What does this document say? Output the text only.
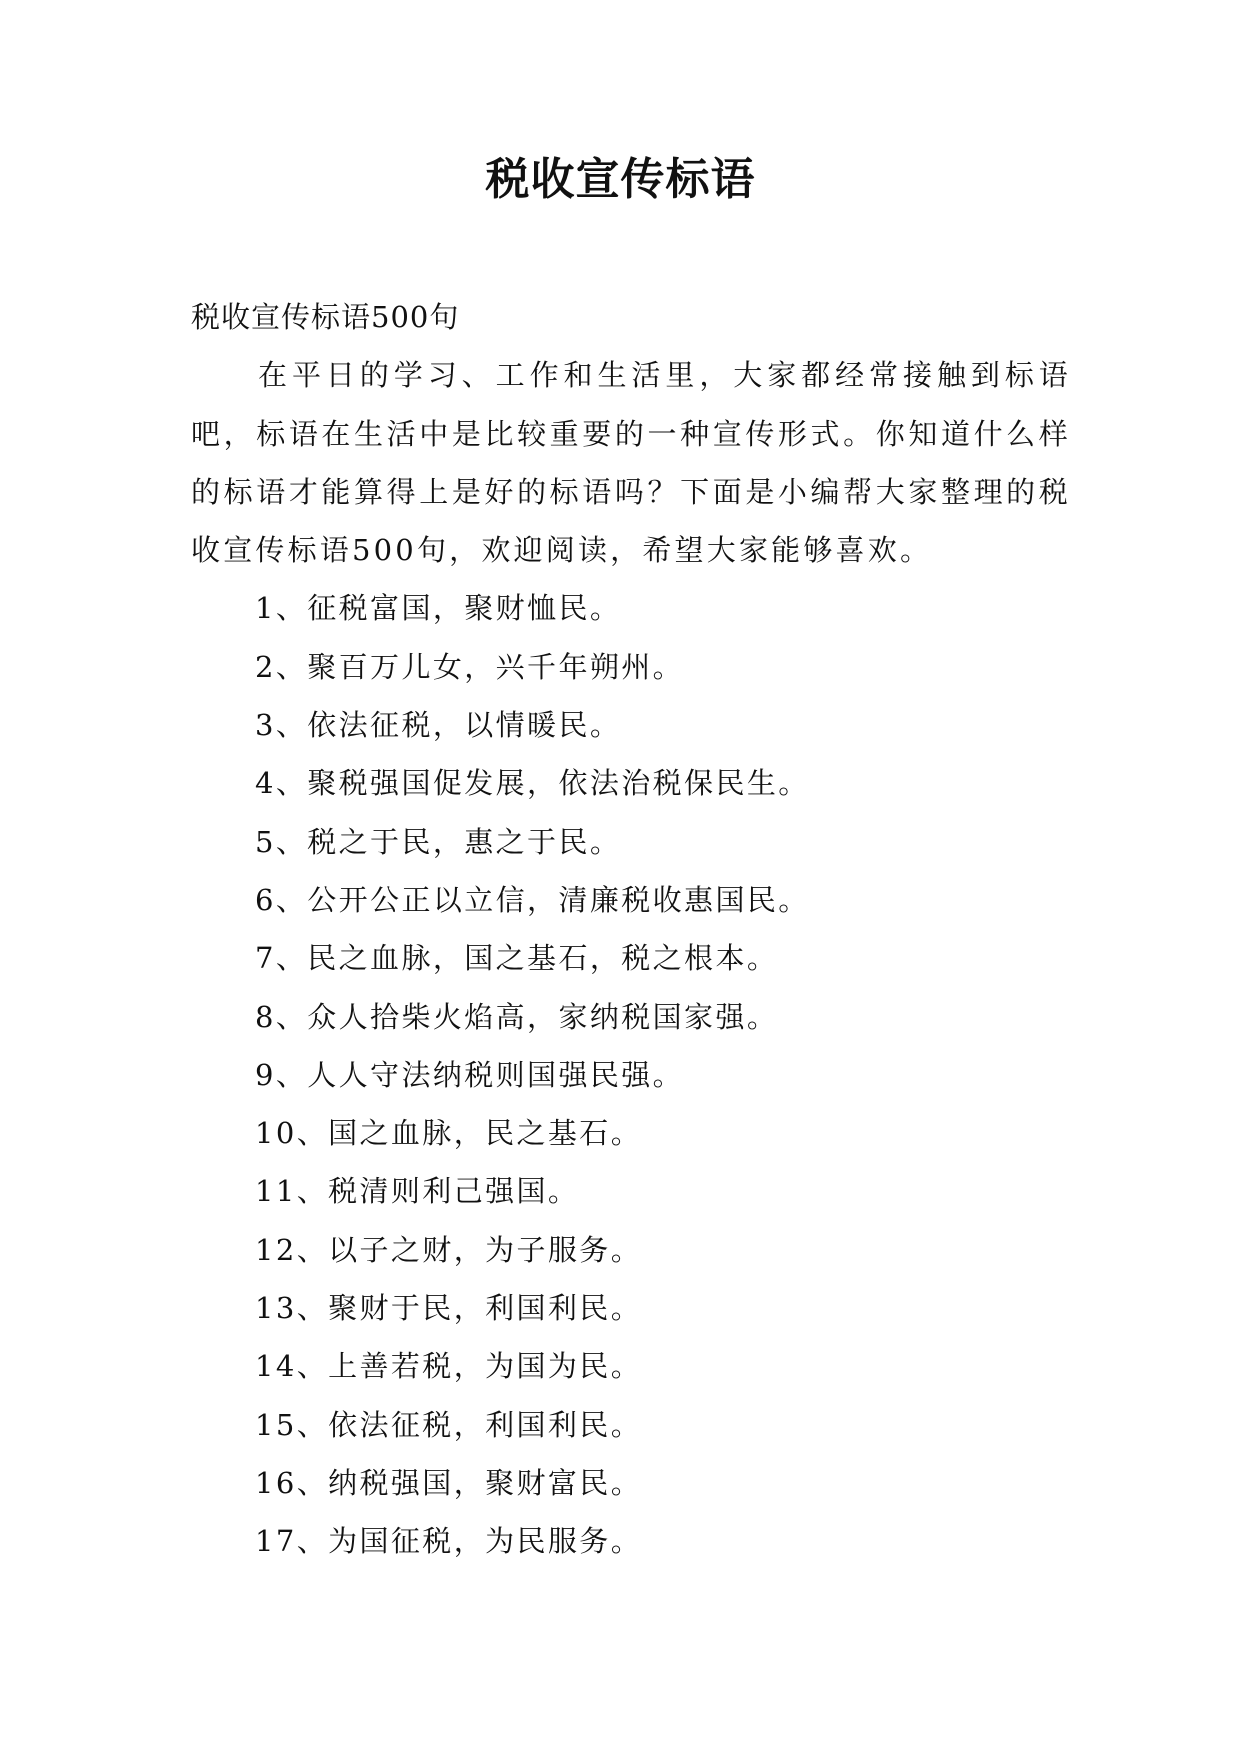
税收宣传标语

税收宣传标语500句

在平日的学习、工作和生活里，大家都经常接触到标语吧，标语在生活中是比较重要的一种宣传形式。你知道什么样的标语才能算得上是好的标语吗？下面是小编帮大家整理的税收宣传标语500句，欢迎阅读，希望大家能够喜欢。

1、征税富国，聚财恤民。
2、聚百万儿女，兴千年朔州。
3、依法征税，以情暖民。
4、聚税强国促发展，依法治税保民生。
5、税之于民，惠之于民。
6、公开公正以立信，清廉税收惠国民。
7、民之血脉，国之基石，税之根本。
8、众人拾柴火焰高，家纳税国家强。
9、人人守法纳税则国强民强。
10、国之血脉，民之基石。
11、税清则利己强国。
12、以子之财，为子服务。
13、聚财于民，利国利民。
14、上善若税，为国为民。
15、依法征税，利国利民。
16、纳税强国，聚财富民。
17、为国征税，为民服务。
